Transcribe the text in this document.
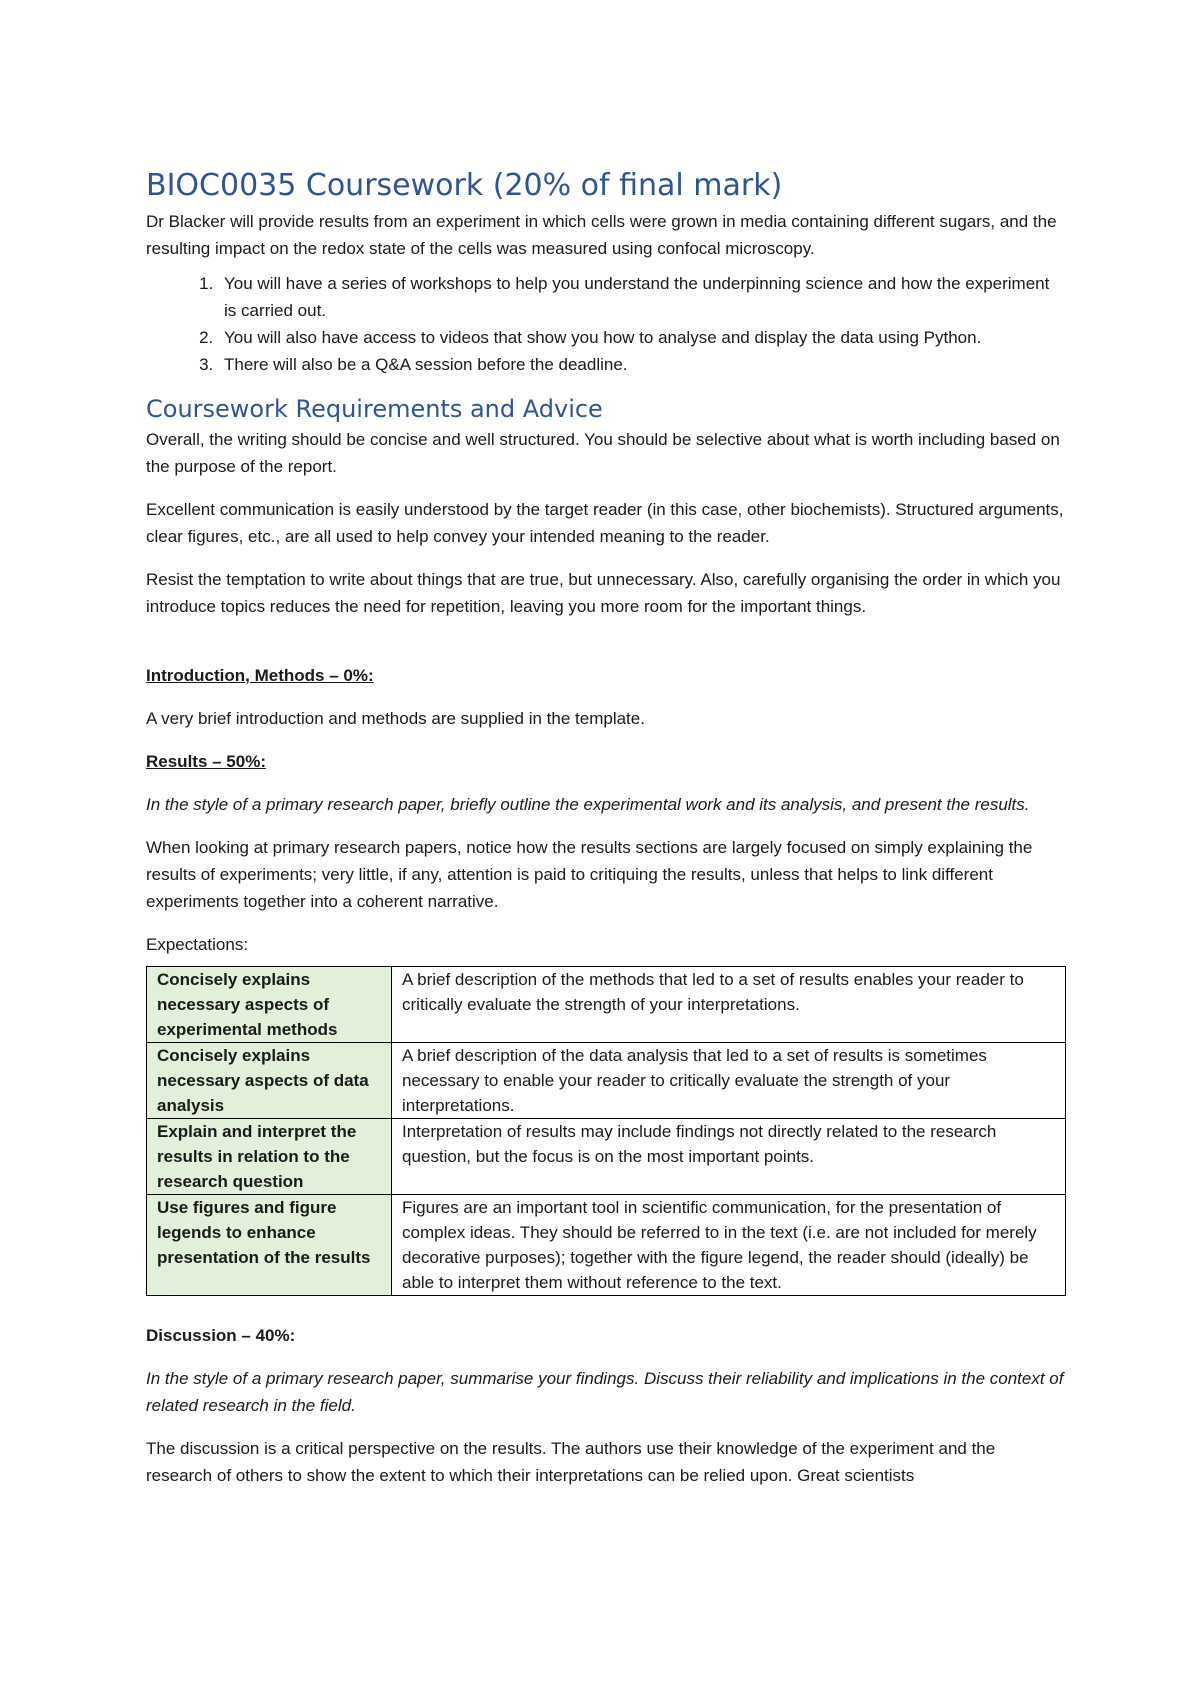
BIOC0035 Coursework (20% of final mark)

Dr Blacker will provide results from an experiment in which cells were grown in media containing different sugars, and the resulting impact on the redox state of the cells was measured using confocal microscopy.

1. You will have a series of workshops to help you understand the underpinning science and how the experiment is carried out.
2. You will also have access to videos that show you how to analyse and display the data using Python.
3. There will also be a Q&A session before the deadline.
Coursework Requirements and Advice

Overall, the writing should be concise and well structured. You should be selective about what is worth including based on the purpose of the report.

Excellent communication is easily understood by the target reader (in this case, other biochemists). Structured arguments, clear figures, etc., are all used to help convey your intended meaning to the reader.

Resist the temptation to write about things that are true, but unnecessary. Also, carefully organising the order in which you introduce topics reduces the need for repetition, leaving you more room for the important things.

Introduction, Methods – 0%:

A very brief introduction and methods are supplied in the template.

Results – 50%:

In the style of a primary research paper, briefly outline the experimental work and its analysis, and present the results.

When looking at primary research papers, notice how the results sections are largely focused on simply explaining the results of experiments; very little, if any, attention is paid to critiquing the results, unless that helps to link different experiments together into a coherent narrative.

Expectations:

Concisely explains necessary aspects of experimental methods	A brief description of the methods that led to a set of results enables your reader to critically evaluate the strength of your interpretations.
Concisely explains necessary aspects of data analysis	A brief description of the data analysis that led to a set of results is sometimes necessary to enable your reader to critically evaluate the strength of your interpretations.
Explain and interpret the results in relation to the research question	Interpretation of results may include findings not directly related to the research question, but the focus is on the most important points.
Use figures and figure legends to enhance presentation of the results	Figures are an important tool in scientific communication, for the presentation of complex ideas. They should be referred to in the text (i.e. are not included for merely decorative purposes); together with the figure legend, the reader should (ideally) be able to interpret them without reference to the text.

Discussion – 40%:

In the style of a primary research paper, summarise your findings. Discuss their reliability and implications in the context of related research in the field.

The discussion is a critical perspective on the results. The authors use their knowledge of the experiment and the research of others to show the extent to which their interpretations can be relied upon. Great scientists
